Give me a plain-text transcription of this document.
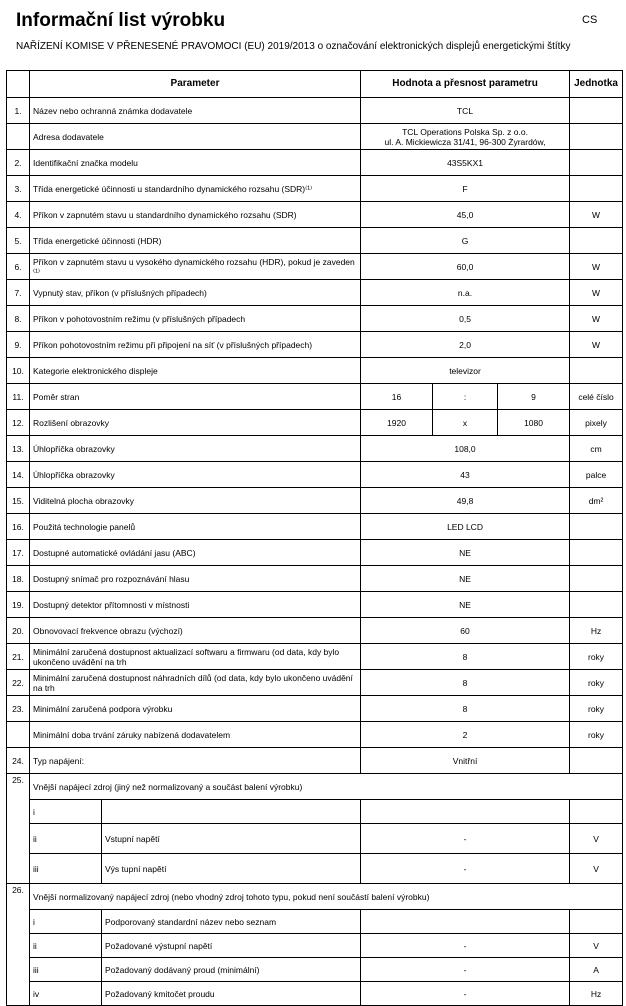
Informační list výrobku	CS
NAŘÍZENÍ KOMISE V PŘENESENÉ PRAVOMOCI (EU) 2019/2013 o označování elektronických displejů energetickými štítky
	Parameter		Hodnota a přesnost parametru			Jednotka
1.	Název nebo ochranná známka dodavatele		TCL			
	Adresa dodavatele		TCL Operations Polska Sp. z o.o.
ul. A. Mickiewicza 31/41, 96-300 Żyrardów,			
2.	Identifikační značka modelu		43S5KX1			
3.	Třída energetické účinnosti u standardního dynamického rozsahu (SDR)⁽¹⁾		F			
4.	Příkon v zapnutém stavu u standardního dynamického rozsahu (SDR)		45,0			W
5.	Třída energetické účinnosti (HDR)		G			
6.	Příkon v zapnutém stavu u vysokého dynamického rozsahu (HDR), pokud je zaveden ⁽¹⁾		60,0			W
7.	Vypnutý stav, příkon (v příslušných případech)		n.a.			W
8.	Příkon v pohotovostním režimu (v příslušných případech		0,5			W
9.	Příkon pohotovostním režimu při připojení na síť (v příslušných případech)		2,0			W
10.	Kategorie elektronického displeje		televizor			
11.	Poměr stran		16	:	9	celé číslo
12.	Rozlišení obrazovky		1920	x	1080	pixely
13.	Úhlopříčka obrazovky		108,0			cm
14.	Úhlopříčka obrazovky		43			palce
15.	Viditelná plocha obrazovky		49,8			dm²
16.	Použitá technologie panelů		LED LCD			
17.	Dostupné automatické ovládání jasu (ABC)		NE			
18.	Dostupný snímač pro rozpoznávání hlasu		NE			
19.	Dostupný detektor přítomnosti v místnosti		NE			
20.	Obnovovací frekvence obrazu (výchozí)		60			Hz
21.	Minimální zaručená dostupnost aktualizací softwaru a firmwaru (od data, kdy bylo ukončeno uvádění na trh		8			roky
22.	Minimální zaručená dostupnost náhradních dílů (od data, kdy bylo ukončeno uvádění na trh		8			roky
23.	Minimální zaručená podpora výrobku		8			roky
	Minimální doba trvání záruky nabízená dodavatelem		2			roky
24.	Typ napájení:		Vnitřní			
25.	Vnější napájecí zdroj (jiný než normalizovaný a součást balení výrobku)					
	i					
	ii	Vstupní napětí	-			V
	iii	Výs tupní napětí	-			V
26.	Vnější normalizovaný napájecí zdroj (nebo vhodný zdroj tohoto typu, pokud není součástí balení výrobku)					
	i	Podporovaný standardní název nebo seznam				
	ii	Požadované výstupní napětí	-			V
	iii	Požadovaný dodávaný proud (minimální)	-			A
	iv	Požadovaný kmitočet proudu	-			Hz
